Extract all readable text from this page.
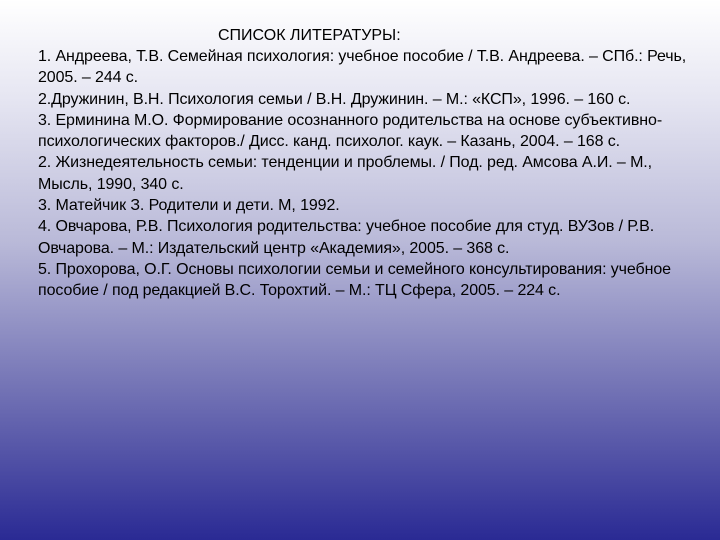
СПИСОК ЛИТЕРАТУРЫ:
1. Андреева, Т.В. Семейная психология: учебное пособие / Т.В. Андреева. – СПб.: Речь, 2005. – 244 с.
2.Дружинин, В.Н. Психология семьи / В.Н. Дружинин. – М.: «КСП», 1996. – 160 с.
3. Ерминина М.О. Формирование осознанного родительства на основе субъективно-психологических факторов./ Дисс. канд. психолог. каук. – Казань, 2004. – 168 с.
2. Жизнедеятельность семьи: тенденции и проблемы. / Под. ред. Амсова А.И. – М., Мысль, 1990, 340 с.
3. Матейчик З. Родители и дети. М, 1992.
4. Овчарова, Р.В. Психология родительства: учебное пособие для студ. ВУЗов / Р.В. Овчарова. – М.: Издательский центр «Академия», 2005. – 368 с.
5. Прохорова, О.Г. Основы психологии семьи и семейного консультирования: учебное пособие / под редакцией В.С. Торохтий. – М.: ТЦ Сфера, 2005. – 224 с.
